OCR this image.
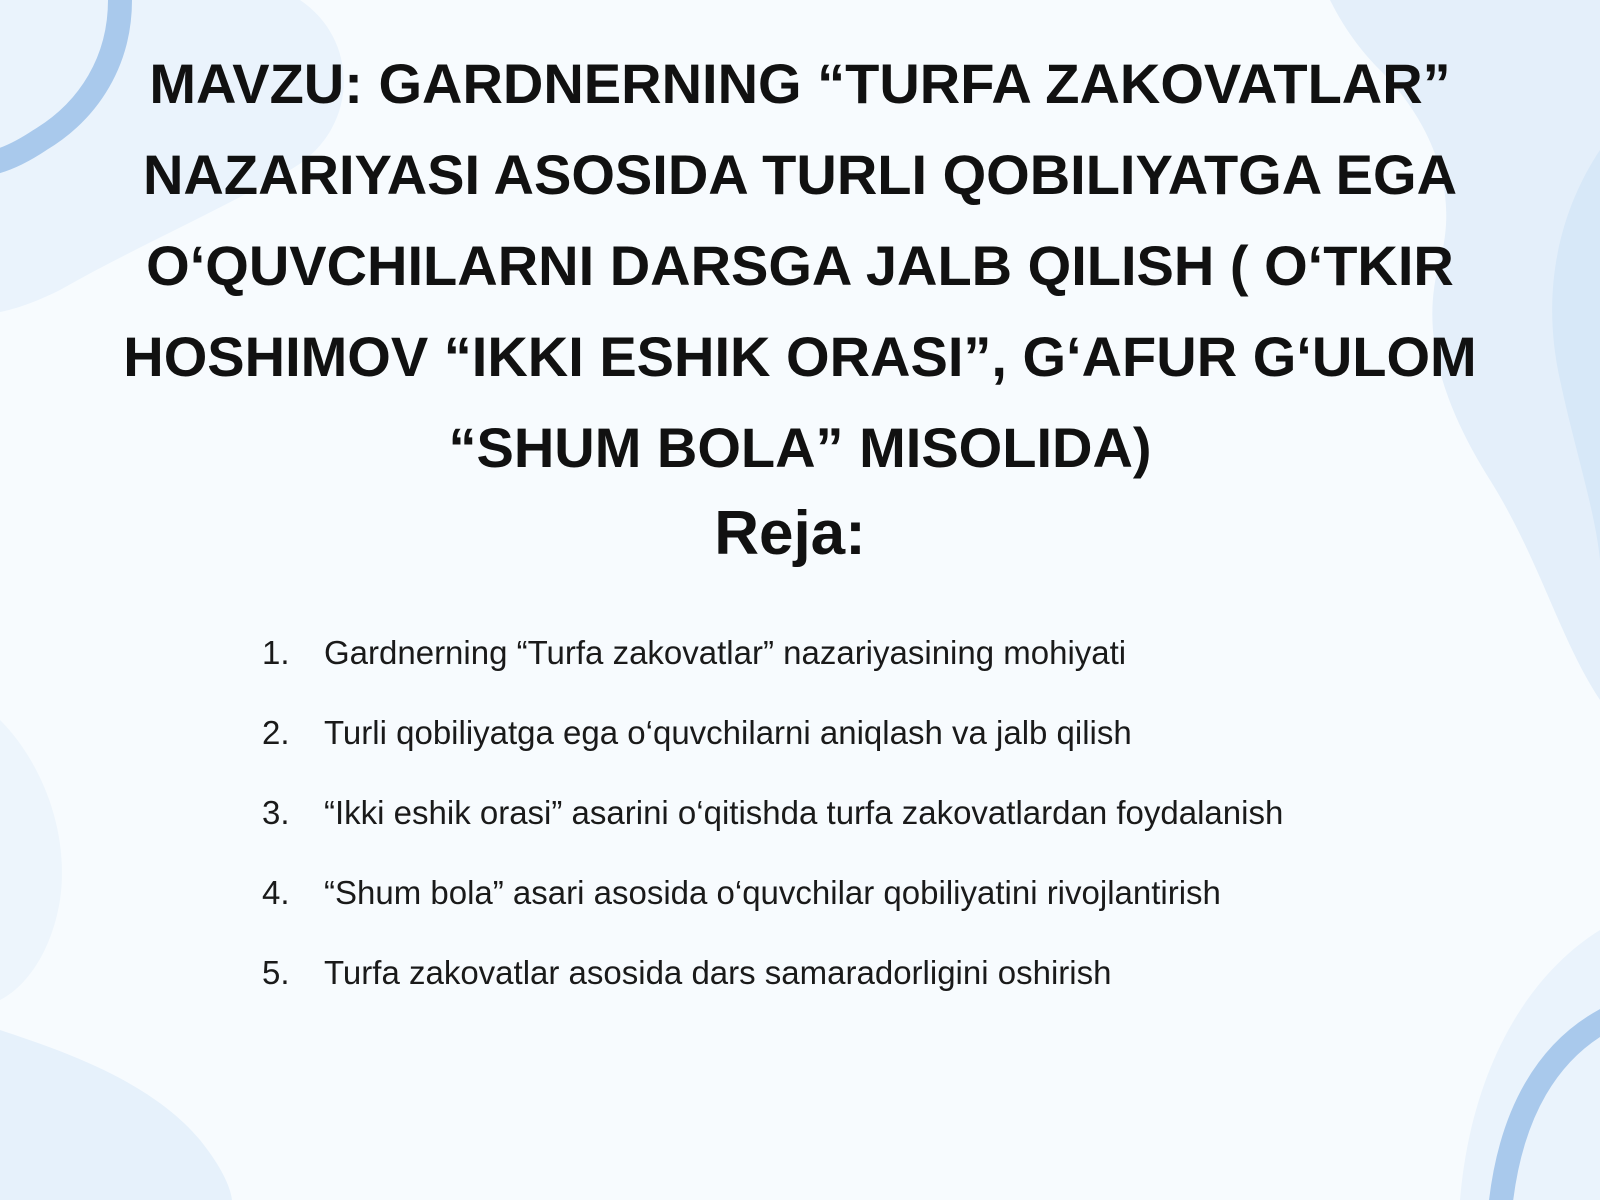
MAVZU: GARDNERNING “TURFA ZAKOVATLAR” NAZARIYASI ASOSIDA TURLI QOBILIYATGA EGA O‘QUVCHILARNI DARSGA JALB QILISH ( O‘TKIR HOSHIMOV “IKKI ESHIK ORASI”, G‘AFUR G‘ULOM “SHUM BOLA” MISOLIDA)
Reja:
1.	Gardnerning “Turfa zakovatlar” nazariyasining mohiyati
2.	Turli qobiliyatga ega o‘quvchilarni aniqlash va jalb qilish
3.	“Ikki eshik orasi” asarini o‘qitishda turfa zakovatlardan foydalanish
4.	“Shum bola” asari asosida o‘quvchilar qobiliyatini rivojlantirish
5.	Turfa zakovatlar asosida dars samaradorligini oshirish
